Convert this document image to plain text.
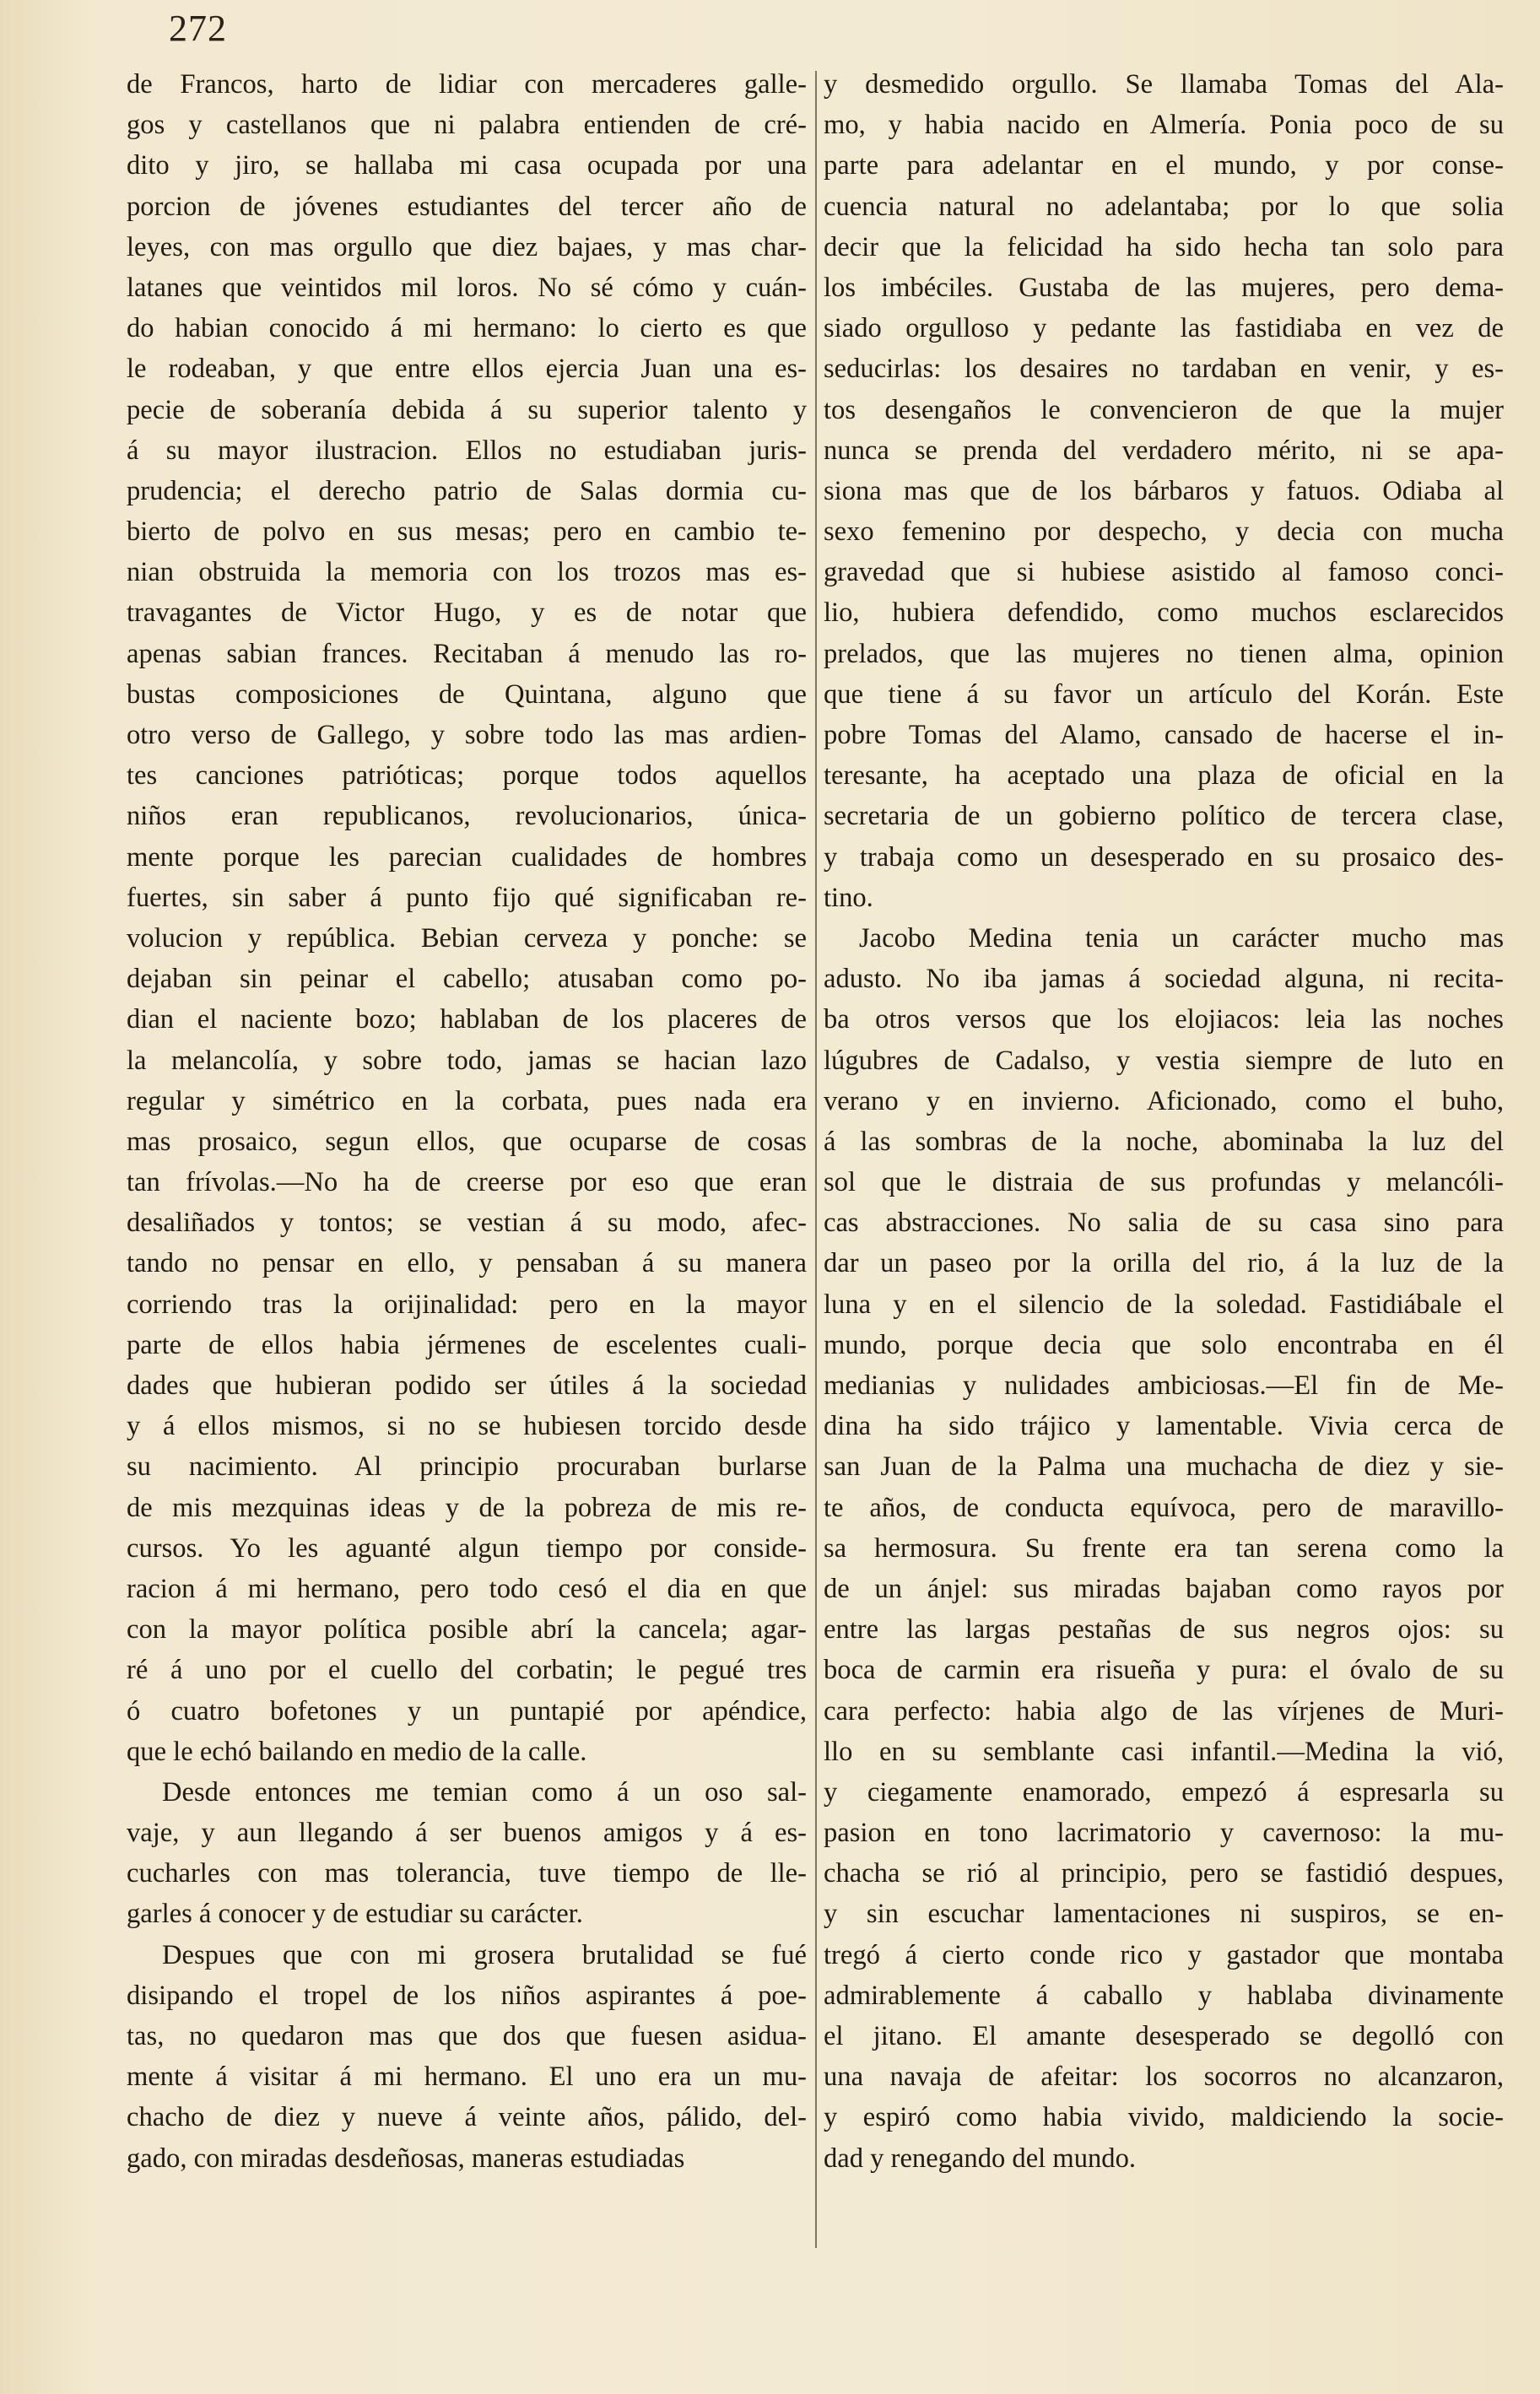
272
de Francos, harto de lidiar con mercaderes galle-
gos y castellanos que ni palabra entienden de cré-
dito y jiro, se hallaba mi casa ocupada por una
porcion de jóvenes estudiantes del tercer año de
leyes, con mas orgullo que diez bajaes, y mas char-
latanes que veintidos mil loros. No sé cómo y cuán-
do habian conocido á mi hermano: lo cierto es que
le rodeaban, y que entre ellos ejercia Juan una es-
pecie de soberanía debida á su superior talento y
á su mayor ilustracion. Ellos no estudiaban juris-
prudencia; el derecho patrio de Salas dormia cu-
bierto de polvo en sus mesas; pero en cambio te-
nian obstruida la memoria con los trozos mas es-
travagantes de Victor Hugo, y es de notar que
apenas sabian frances. Recitaban á menudo las ro-
bustas composiciones de Quintana, alguno que
otro verso de Gallego, y sobre todo las mas ardien-
tes canciones patrióticas; porque todos aquellos
niños eran republicanos, revolucionarios, única-
mente porque les parecian cualidades de hombres
fuertes, sin saber á punto fijo qué significaban re-
volucion y república. Bebian cerveza y ponche: se
dejaban sin peinar el cabello; atusaban como po-
dian el naciente bozo; hablaban de los placeres de
la melancolía, y sobre todo, jamas se hacian lazo
regular y simétrico en la corbata, pues nada era
mas prosaico, segun ellos, que ocuparse de cosas
tan frívolas.—No ha de creerse por eso que eran
desaliñados y tontos; se vestian á su modo, afec-
tando no pensar en ello, y pensaban á su manera
corriendo tras la orijinalidad: pero en la mayor
parte de ellos habia jérmenes de escelentes cuali-
dades que hubieran podido ser útiles á la sociedad
y á ellos mismos, si no se hubiesen torcido desde
su nacimiento. Al principio procuraban burlarse
de mis mezquinas ideas y de la pobreza de mis re-
cursos. Yo les aguanté algun tiempo por conside-
racion á mi hermano, pero todo cesó el dia en que
con la mayor política posible abrí la cancela; agar-
ré á uno por el cuello del corbatin; le pegué tres
ó cuatro bofetones y un puntapié por apéndice,
que le echó bailando en medio de la calle.
Desde entonces me temian como á un oso sal-
vaje, y aun llegando á ser buenos amigos y á es-
cucharles con mas tolerancia, tuve tiempo de lle-
garles á conocer y de estudiar su carácter.
Despues que con mi grosera brutalidad se fué
disipando el tropel de los niños aspirantes á poe-
tas, no quedaron mas que dos que fuesen asidua-
mente á visitar á mi hermano. El uno era un mu-
chacho de diez y nueve á veinte años, pálido, del-
gado, con miradas desdeñosas, maneras estudiadas
y desmedido orgullo. Se llamaba Tomas del Ala-
mo, y habia nacido en Almería. Ponia poco de su
parte para adelantar en el mundo, y por conse-
cuencia natural no adelantaba; por lo que solia
decir que la felicidad ha sido hecha tan solo para
los imbéciles. Gustaba de las mujeres, pero dema-
siado orgulloso y pedante las fastidiaba en vez de
seducirlas: los desaires no tardaban en venir, y es-
tos desengaños le convencieron de que la mujer
nunca se prenda del verdadero mérito, ni se apa-
siona mas que de los bárbaros y fatuos. Odiaba al
sexo femenino por despecho, y decia con mucha
gravedad que si hubiese asistido al famoso conci-
lio, hubiera defendido, como muchos esclarecidos
prelados, que las mujeres no tienen alma, opinion
que tiene á su favor un artículo del Korán. Este
pobre Tomas del Alamo, cansado de hacerse el in-
teresante, ha aceptado una plaza de oficial en la
secretaria de un gobierno político de tercera clase,
y trabaja como un desesperado en su prosaico des-
tino.
Jacobo Medina tenia un carácter mucho mas
adusto. No iba jamas á sociedad alguna, ni recita-
ba otros versos que los elojiacos: leia las noches
lúgubres de Cadalso, y vestia siempre de luto en
verano y en invierno. Aficionado, como el buho,
á las sombras de la noche, abominaba la luz del
sol que le distraia de sus profundas y melancóli-
cas abstracciones. No salia de su casa sino para
dar un paseo por la orilla del rio, á la luz de la
luna y en el silencio de la soledad. Fastidiábale el
mundo, porque decia que solo encontraba en él
medianias y nulidades ambiciosas.—El fin de Me-
dina ha sido trájico y lamentable. Vivia cerca de
san Juan de la Palma una muchacha de diez y sie-
te años, de conducta equívoca, pero de maravillo-
sa hermosura. Su frente era tan serena como la
de un ánjel: sus miradas bajaban como rayos por
entre las largas pestañas de sus negros ojos: su
boca de carmin era risueña y pura: el óvalo de su
cara perfecto: habia algo de las vírjenes de Muri-
llo en su semblante casi infantil.—Medina la vió,
y ciegamente enamorado, empezó á espresarla su
pasion en tono lacrimatorio y cavernoso: la mu-
chacha se rió al principio, pero se fastidió despues,
y sin escuchar lamentaciones ni suspiros, se en-
tregó á cierto conde rico y gastador que montaba
admirablemente á caballo y hablaba divinamente
el jitano. El amante desesperado se degolló con
una navaja de afeitar: los socorros no alcanzaron,
y espiró como habia vivido, maldiciendo la socie-
dad y renegando del mundo.
